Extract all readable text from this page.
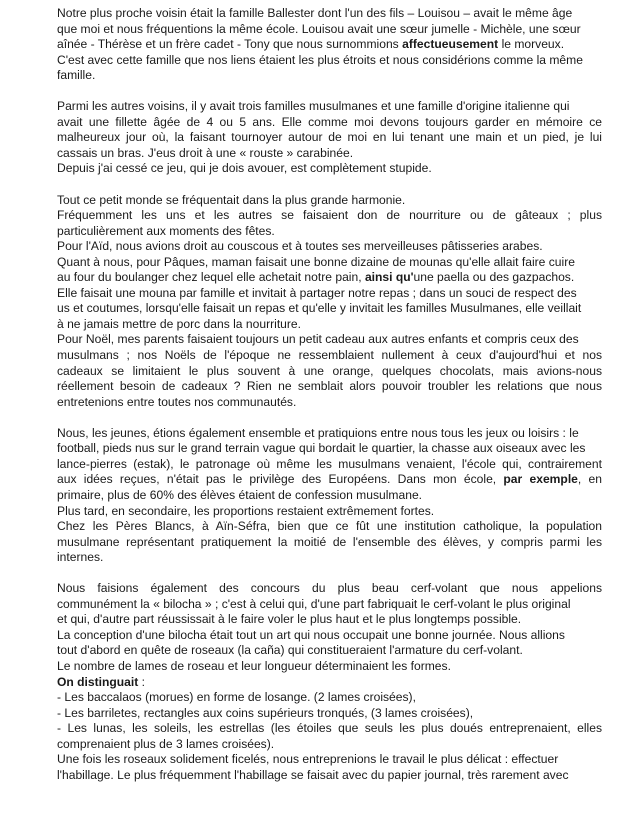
Notre plus proche voisin était la famille Ballester dont l'un des fils – Louisou – avait le même âge
que moi et nous fréquentions la même école. Louisou avait une sœur jumelle - Michèle, une sœur
aînée - Thérèse et un frère cadet - Tony que nous surnommions affectueusement le morveux.
C'est avec cette famille que nos liens étaient les plus étroits et nous considérions comme la même
famille.
Parmi les autres voisins, il y avait trois familles musulmanes et une famille d'origine italienne qui
avait une fillette âgée de 4 ou 5 ans. Elle comme moi devons toujours garder en mémoire ce
malheureux jour où, la faisant tournoyer autour de moi en lui tenant une main et un pied, je lui
cassais un bras. J'eus droit à une « rouste » carabinée.
Depuis j'ai cessé ce jeu, qui je dois avouer, est complètement stupide.
Tout ce petit monde se fréquentait dans la plus grande harmonie.
Fréquemment les uns et les autres se faisaient don de nourriture ou de gâteaux ; plus
particulièrement aux moments des fêtes.
Pour l'Aïd, nous avions droit au couscous et à toutes ses merveilleuses pâtisseries arabes.
Quant à nous, pour Pâques, maman faisait une bonne dizaine de mounas qu'elle allait faire cuire
au four du boulanger chez lequel elle achetait notre pain, ainsi qu'une paella ou des gazpachos.
Elle faisait une mouna par famille et invitait à partager notre repas ; dans un souci de respect des
us et coutumes, lorsqu'elle faisait un repas et qu'elle y invitait les familles Musulmanes, elle veillait
à ne jamais mettre de porc dans la nourriture.
Pour Noël, mes parents faisaient toujours un petit cadeau aux autres enfants et compris ceux des
musulmans ; nos Noëls de l'époque ne ressemblaient nullement à ceux d'aujourd'hui et nos
cadeaux se limitaient le plus souvent à une orange, quelques chocolats, mais avions-nous
réellement besoin de cadeaux ? Rien ne semblait alors pouvoir troubler les relations que nous
entretenions entre toutes nos communautés.
Nous, les jeunes, étions également ensemble et pratiquions entre nous tous les jeux ou loisirs : le
football, pieds nus sur le grand terrain vague qui bordait le quartier, la chasse aux oiseaux avec les
lance-pierres (estak), le patronage où même les musulmans venaient, l'école qui, contrairement
aux idées reçues, n'était pas le privilège des Européens. Dans mon école, par exemple, en
primaire, plus de 60% des élèves étaient de confession musulmane.
Plus tard, en secondaire, les proportions restaient extrêmement fortes.
Chez les Pères Blancs, à Aïn-Séfra, bien que ce fût une institution catholique, la population
musulmane représentant pratiquement la moitié de l'ensemble des élèves, y compris parmi les
internes.
Nous faisions également des concours du plus beau cerf-volant que nous appelions
communément la « bilocha » ; c'est à celui qui, d'une part fabriquait le cerf-volant le plus original
et qui, d'autre part réussissait à le faire voler le plus haut et le plus longtemps possible.
La conception d'une bilocha était tout un art qui nous occupait une bonne journée. Nous allions
tout d'abord en quête de roseaux (la caña) qui constitueraient l'armature du cerf-volant.
Le nombre de lames de roseau et leur longueur déterminaient les formes.
On distinguait :
- Les baccalaos (morues) en forme de losange. (2 lames croisées),
- Les barriletes, rectangles aux coins supérieurs tronqués, (3 lames croisées),
- Les lunas, les soleils, les estrellas (les étoiles que seuls les plus doués entreprenaient, elles
comprenaient plus de 3 lames croisées).
Une fois les roseaux solidement ficelés, nous entreprenions le travail le plus délicat : effectuer
l'habillage. Le plus fréquemment l'habillage se faisait avec du papier journal, très rarement avec
